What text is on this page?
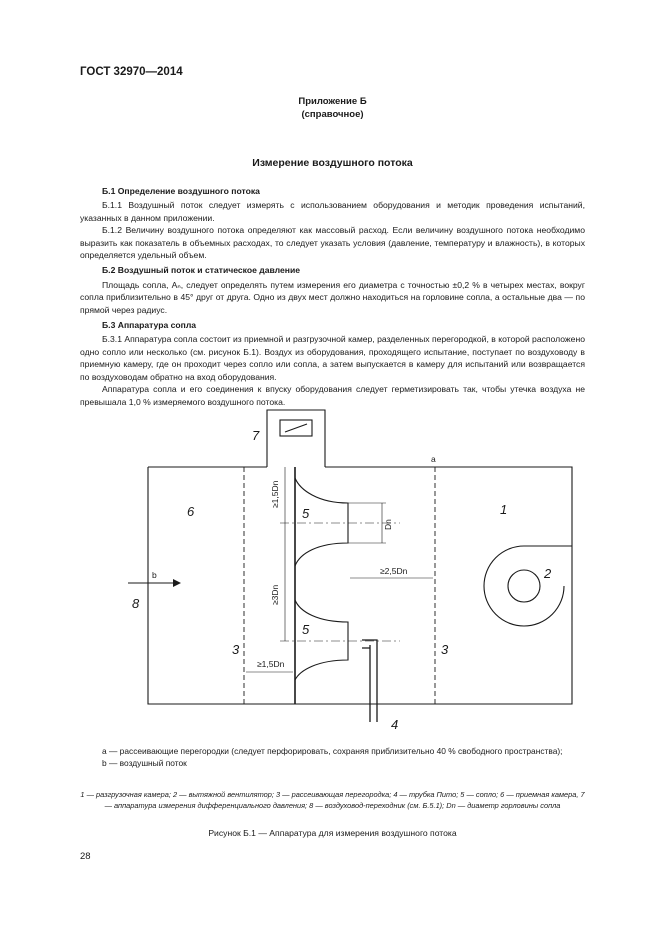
ГОСТ 32970—2014
Приложение Б
(справочное)
Измерение воздушного потока
Б.1 Определение воздушного потока

Б.1.1 Воздушный поток следует измерять с использованием оборудования и методик проведения испытаний, указанных в данном приложении.

Б.1.2 Величину воздушного потока определяют как массовый расход. Если величину воздушного потока необходимо выразить как показатель в объемных расходах, то следует указать условия (давление, температуру и влажность), в которых определяется удельный объем.

Б.2 Воздушный поток и статическое давление

Площадь сопла, Aₙ, следует определять путем измерения его диаметра с точностью ±0,2 % в четырех местах, вокруг сопла приблизительно в 45° друг от друга. Одно из двух мест должно находиться на горловине сопла, а остальные два — по прямой через радиус.

Б.3 Аппаратура сопла

Б.3.1 Аппаратура сопла состоит из приемной и разгрузочной камер, разделенных перегородкой, в которой расположено одно сопло или несколько (см. рисунок Б.1). Воздух из оборудования, проходящего испытание, поступает по воздуховоду в приемную камеру, где он проходит через сопло или сопла, а затем выпускается в камеру для испытаний или возвращается по воздуховодам обратно на вход оборудования.

Аппаратура сопла и его соединения к впуску оборудования следует герметизировать так, чтобы утечка воздуха не превышала 1,0 % измеряемого воздушного потока.

7
6	1
2
5
5
3	3
8
4
a
b
≥1,5Dn
≥3Dn
≥1,5Dn
Dn
≥2,5Dn

a — рассеивающие перегородки (следует перфорировать, сохраняя приблизительно 40 % свободного пространства);

b — воздушный поток

1 — разгрузочная камера; 2 — вытяжной вентилятор; 3 — рассеивающая перегородка; 4 — трубка Пито; 5 — сопло; 6 — приемная камера, 7 — аппаратура измерения дифференциального давления; 8 — воздуховод-переходник (см. Б.5.1); Dn — диаметр горловины сопла
Рисунок Б.1 — Аппаратура для измерения воздушного потока
28
